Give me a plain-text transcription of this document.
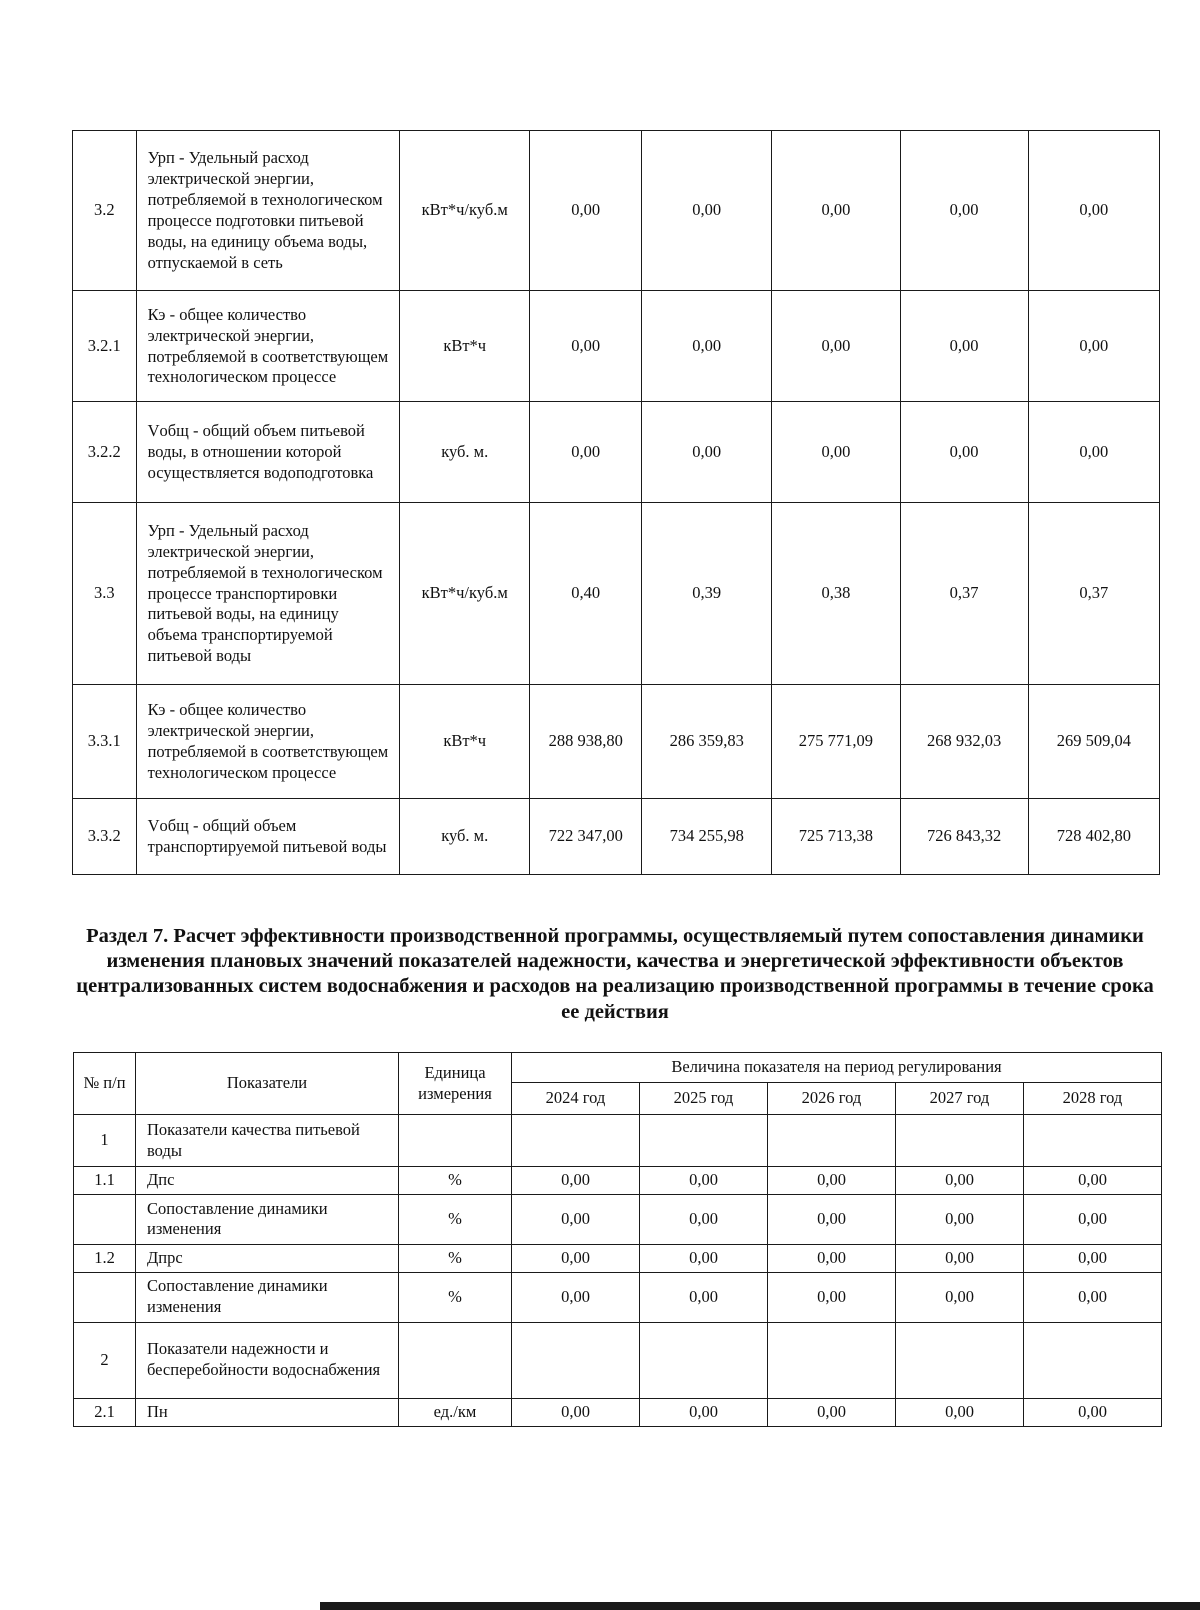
3.2	Урп - Удельный расход электрической энергии, потребляемой в технологическом процессе подготовки питьевой воды, на единицу объема воды, отпускаемой в сеть	кВт*ч/куб.м	0,00	0,00	0,00	0,00	0,00
3.2.1	Кэ - общее количество электрической энергии, потребляемой в соответствующем технологическом процессе	кВт*ч	0,00	0,00	0,00	0,00	0,00
3.2.2	Vобщ - общий объем питьевой воды, в отношении которой осуществляется водоподготовка	куб. м.	0,00	0,00	0,00	0,00	0,00
3.3	Урп - Удельный расход электрической энергии, потребляемой в технологическом процессе транспортировки питьевой воды, на единицу объема транспортируемой питьевой воды	кВт*ч/куб.м	0,40	0,39	0,38	0,37	0,37
3.3.1	Кэ - общее количество электрической энергии, потребляемой в соответствующем технологическом процессе	кВт*ч	288 938,80	286 359,83	275 771,09	268 932,03	269 509,04
3.3.2	Vобщ - общий объем транспортируемой питьевой воды	куб. м.	722 347,00	734 255,98	725 713,38	726 843,32	728 402,80
Раздел 7. Расчет эффективности производственной программы, осуществляемый путем сопоставления динамики изменения плановых значений показателей надежности, качества и энергетической эффективности объектов централизованных систем водоснабжения и расходов на реализацию производственной программы в течение срока ее действия
№ п/п	Показатели	Единица измерения	Величина показателя на период регулирования				
			2024 год	2025 год	2026 год	2027 год	2028 год
1	Показатели качества питьевой воды						
1.1	Дпс	%	0,00	0,00	0,00	0,00	0,00
	Сопоставление динамики изменения	%	0,00	0,00	0,00	0,00	0,00
1.2	Дпрс	%	0,00	0,00	0,00	0,00	0,00
	Сопоставление динамики изменения	%	0,00	0,00	0,00	0,00	0,00
2	Показатели надежности и бесперебойности водоснабжения						
2.1	Пн	ед./км	0,00	0,00	0,00	0,00	0,00
